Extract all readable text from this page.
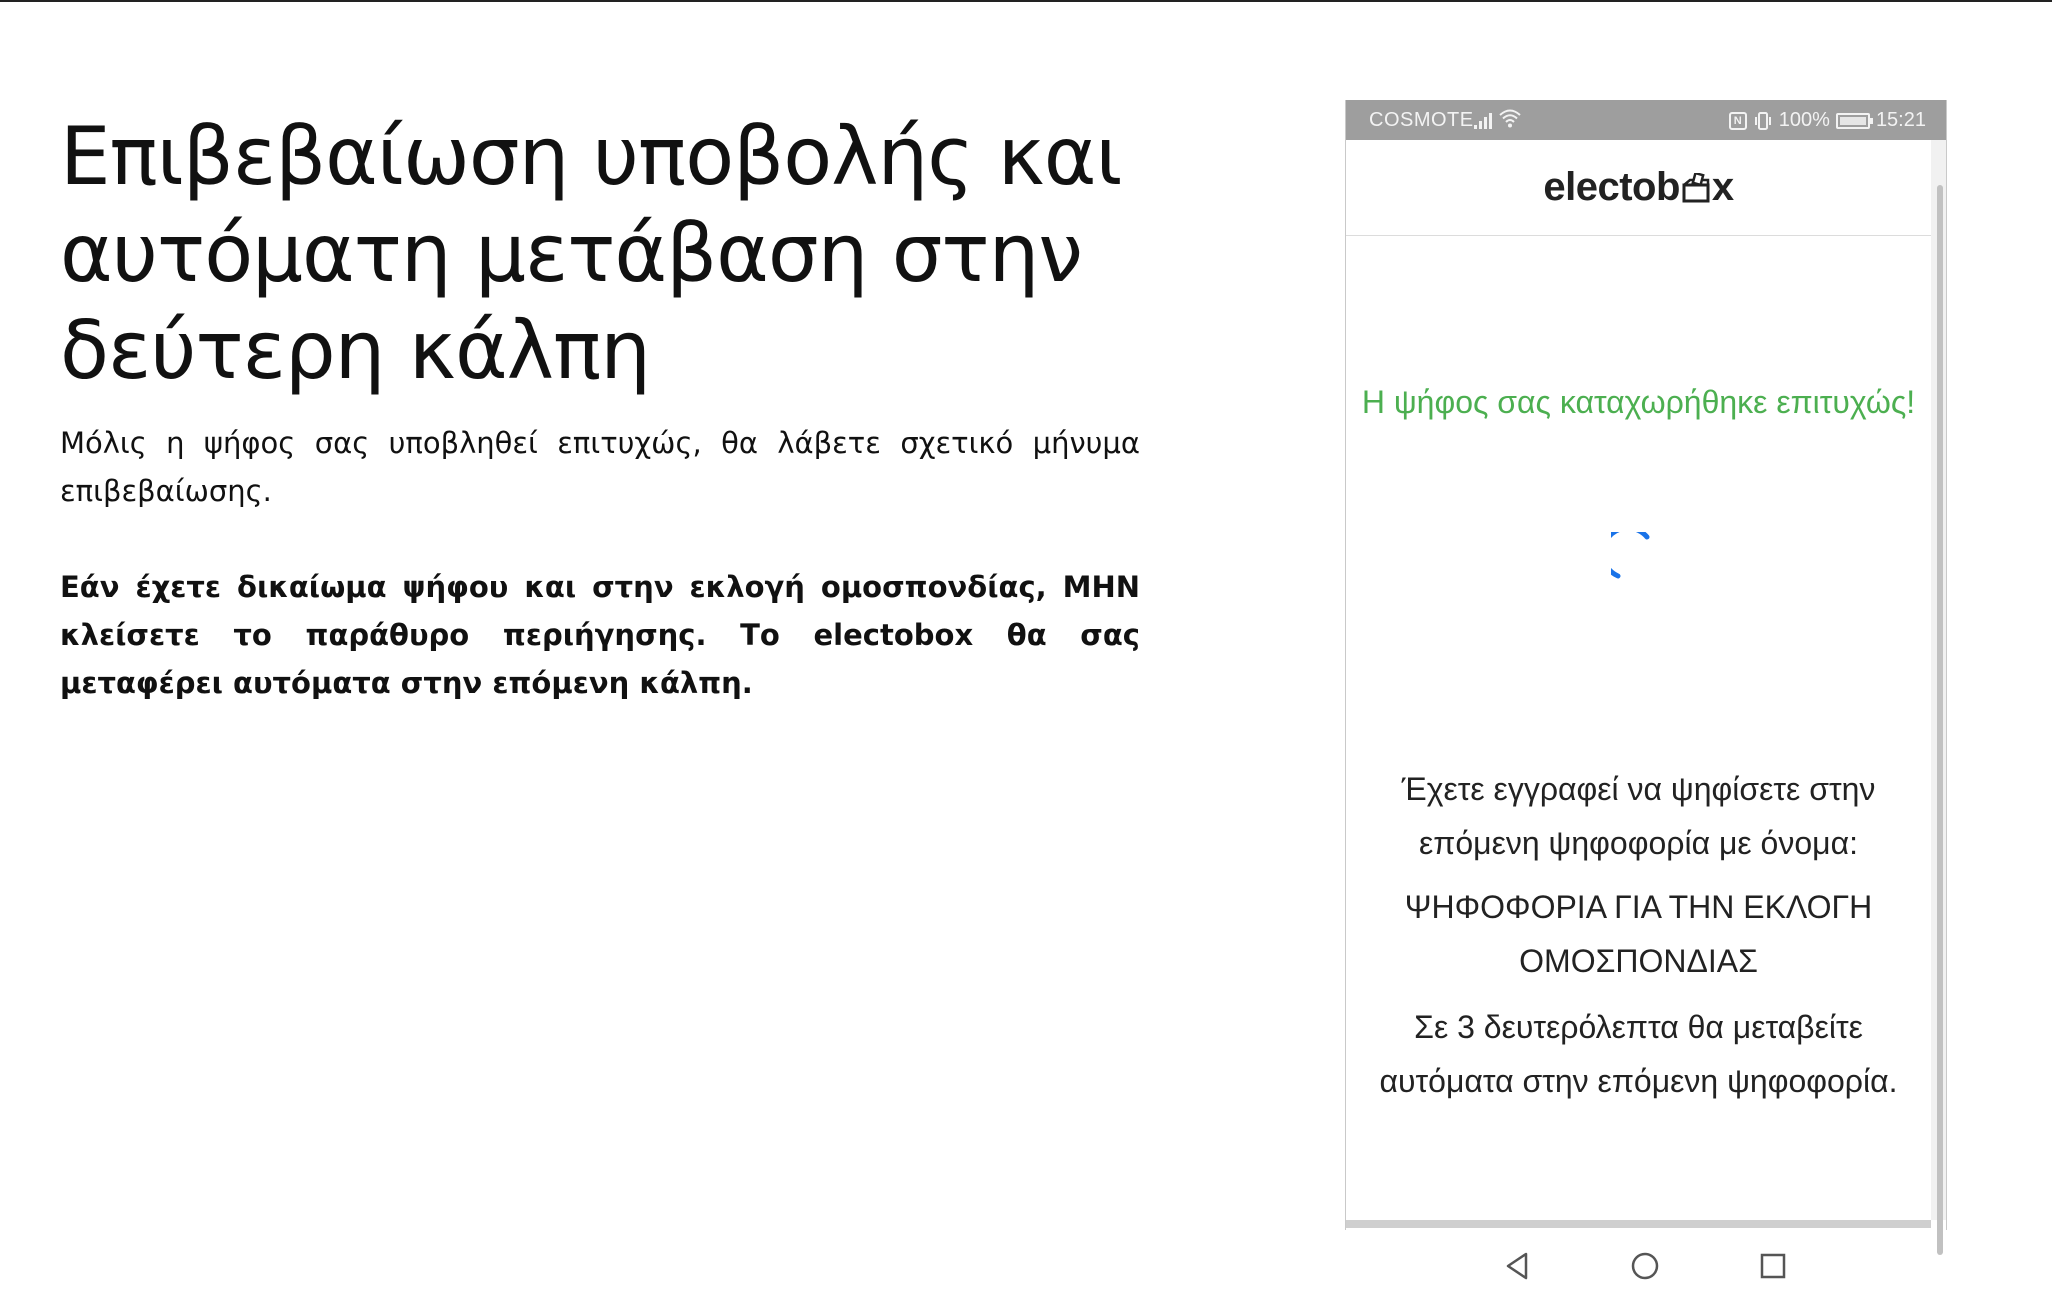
Επιβεβαίωση υποβολής και αυτόματη μετάβαση στην δεύτερη κάλπη

Μόλις η ψήφος σας υποβληθεί επιτυχώς, θα λάβετε σχετικό μήνυμα επιβεβαίωσης.

Εάν έχετε δικαίωμα ψήφου και στην εκλογή ομοσπονδίας, ΜΗΝ κλείσετε το παράθυρο περιήγησης. Το electobox θα σας μεταφέρει αυτόματα στην επόμενη κάλπη.

COSMOTE	N 100% 15:21
electob x
Η ψήφος σας καταχωρήθηκε επιτυχώς!
Έχετε εγγραφεί να ψηφίσετε στην επόμενη ψηφοφορία με όνομα:
ΨΗΦΟΦΟΡΙΑ ΓΙΑ ΤΗΝ ΕΚΛΟΓΗ ΟΜΟΣΠΟΝΔΙΑΣ
Σε 3 δευτερόλεπτα θα μεταβείτε αυτόματα στην επόμενη ψηφοφορία.
